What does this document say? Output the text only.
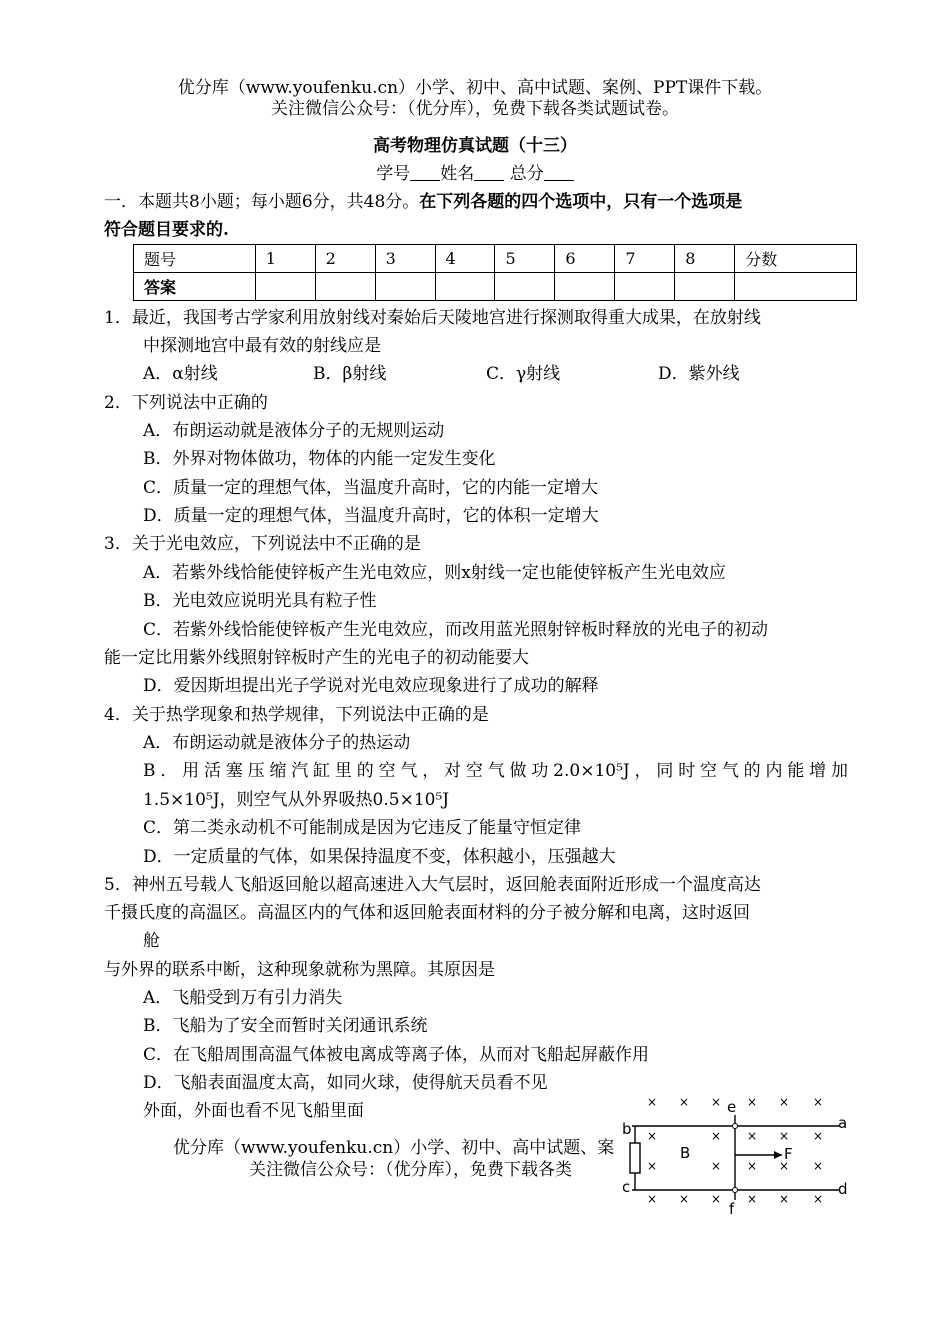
优分库（www.youfenku.cn）小学、初中、高中试题、案例、PPT课件下载。
关注微信公众号：（优分库），免费下载各类试题试卷。
高考物理仿真试题（十三）
学号 姓名 总分
一．本题共8小题；每小题6分，共48分。在下列各题的四个选项中，只有一个选项是
符合题目要求的.
题号	1	2	3	4	5	6	7	8	分数
答案									
1．最近，我国考古学家利用放射线对秦始后天陵地宫进行探测取得重大成果，在放射线
中探测地宫中最有效的射线应是
A．α射线	B．β射线	C．γ射线	D．紫外线
2．下列说法中正确的
A．布朗运动就是液体分子的无规则运动
B．外界对物体做功，物体的内能一定发生变化
C．质量一定的理想气体，当温度升高时，它的内能一定增大
D．质量一定的理想气体，当温度升高时，它的体积一定增大
3．关于光电效应，下列说法中不正确的是
A．若紫外线恰能使锌板产生光电效应，则x射线一定也能使锌板产生光电效应
B．光电效应说明光具有粒子性
C．若紫外线恰能使锌板产生光电效应，而改用蓝光照射锌板时释放的光电子的初动
能一定比用紫外线照射锌板时产生的光电子的初动能要大
D．爱因斯坦提出光子学说对光电效应现象进行了成功的解释
4．关于热学现象和热学规律，下列说法中正确的是
A．布朗运动就是液体分子的热运动
B．用活塞压缩汽缸里的空气，对空气做功2.0×10⁵J，同时空气的内能增加
1.5×10⁵J，则空气从外界吸热0.5×10⁵J
C．第二类永动机不可能制成是因为它违反了能量守恒定律
D．一定质量的气体，如果保持温度不变，体积越小，压强越大
5．神州五号载人飞船返回舱以超高速进入大气层时，返回舱表面附近形成一个温度高达
千摄氏度的高温区。高温区内的气体和返回舱表面材料的分子被分解和电离，这时返回
舱
与外界的联系中断，这种现象就称为黑障。其原因是
A．飞船受到万有引力消失
B．飞船为了安全而暂时关闭通讯系统
C．在飞船周围高温气体被电离成等离子体，从而对飞船起屏蔽作用
D．飞船表面温度太高，如同火球，使得航天员看不见
外面，外面也看不见飞船里面
优分库（www.youfenku.cn）小学、初中、高中试题、案
关注微信公众号：（优分库），免费下载各类
× × × × × ×
×	× × × ×
×	× × × ×
× × × × × ×
b
c
a
d
e
f
B	F
